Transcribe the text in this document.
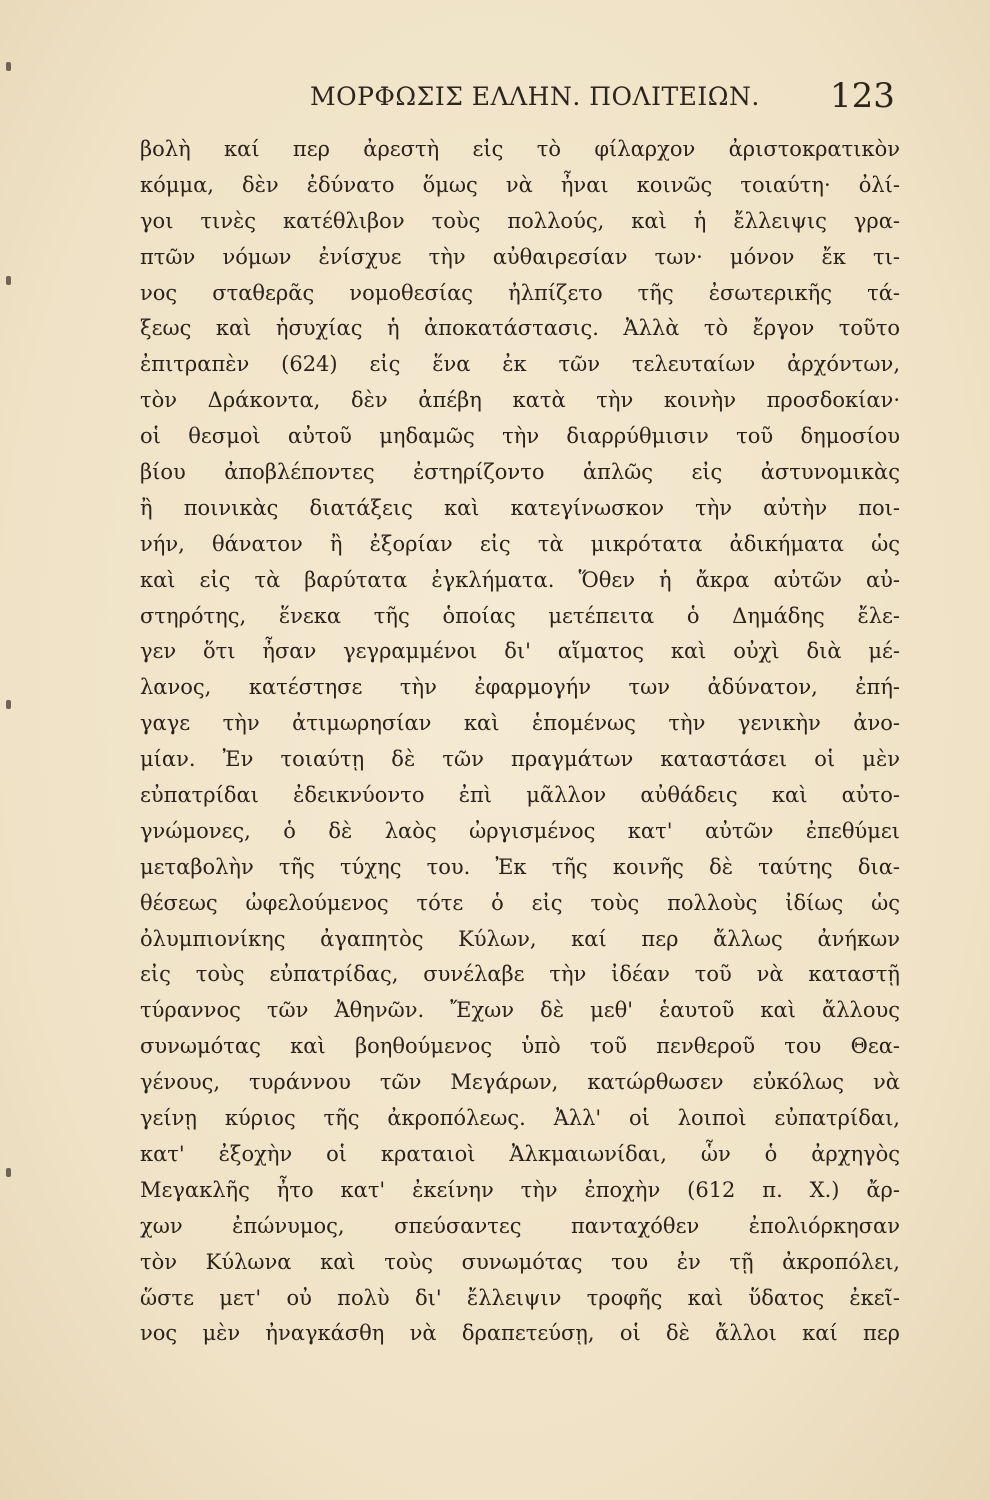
ΜΟΡΦΩΣΙΣ ΕΛΛΗΝ. ΠΟΛΙΤΕΙΩΝ. 123
βολὴ καί περ ἀρεστὴ εἰς τὸ φίλαρχον ἀριστοκρατικὸν
κόμμα, δὲν ἐδύνατο ὅμως νὰ ἦναι κοινῶς τοιαύτη· ὀλί-
γοι τινὲς κατέθλιβον τοὺς πολλούς, καὶ ἡ ἔλλειψις γρα-
πτῶν νόμων ἐνίσχυε τὴν αὐθαιρεσίαν των· μόνον ἔκ τι-
νος σταθερᾶς νομοθεσίας ἠλπίζετο τῆς ἐσωτερικῆς τά-
ξεως καὶ ἡσυχίας ἡ ἀποκατάστασις. Ἀλλὰ τὸ ἔργον τοῦτο
ἐπιτραπὲν (624) εἰς ἕνα ἐκ τῶν τελευταίων ἀρχόντων,
τὸν Δράκοντα, δὲν ἀπέβη κατὰ τὴν κοινὴν προσδοκίαν·
οἱ θεσμοὶ αὐτοῦ μηδαμῶς τὴν διαρρύθμισιν τοῦ δημοσίου
βίου ἀποβλέποντες ἐστηρίζοντο ἁπλῶς εἰς ἀστυνομικὰς
ἢ ποινικὰς διατάξεις καὶ κατεγίνωσκον τὴν αὐτὴν ποι-
νήν, θάνατον ἢ ἐξορίαν εἰς τὰ μικρότατα ἀδικήματα ὡς
καὶ εἰς τὰ βαρύτατα ἐγκλήματα. Ὅθεν ἡ ἄκρα αὐτῶν αὐ-
στηρότης, ἕνεκα τῆς ὁποίας μετέπειτα ὁ Δημάδης ἔλε-
γεν ὅτι ἦσαν γεγραμμένοι δι' αἵματος καὶ οὐχὶ διὰ μέ-
λανος, κατέστησε τὴν ἐφαρμογήν των ἀδύνατον, ἐπή-
γαγε τὴν ἀτιμωρησίαν καὶ ἑπομένως τὴν γενικὴν ἀνο-
μίαν. Ἐν τοιαύτῃ δὲ τῶν πραγμάτων καταστάσει οἱ μὲν
εὐπατρίδαι ἐδεικνύοντο ἐπὶ μᾶλλον αὐθάδεις καὶ αὐτο-
γνώμονες, ὁ δὲ λαὸς ὠργισμένος κατ' αὐτῶν ἐπεθύμει
μεταβολὴν τῆς τύχης του. Ἐκ τῆς κοινῆς δὲ ταύτης δια-
θέσεως ὠφελούμενος τότε ὁ εἰς τοὺς πολλοὺς ἰδίως ὡς
ὀλυμπιονίκης ἀγαπητὸς Κύλων, καί περ ἄλλως ἀνήκων
εἰς τοὺς εὐπατρίδας, συνέλαβε τὴν ἰδέαν τοῦ νὰ καταστῇ
τύραννος τῶν Ἀθηνῶν. Ἔχων δὲ μεθ' ἑαυτοῦ καὶ ἄλλους
συνωμότας καὶ βοηθούμενος ὑπὸ τοῦ πενθεροῦ του Θεα-
γένους, τυράννου τῶν Μεγάρων, κατώρθωσεν εὐκόλως νὰ
γείνῃ κύριος τῆς ἀκροπόλεως. Ἀλλ' οἱ λοιποὶ εὐπατρίδαι,
κατ' ἐξοχὴν οἱ κραταιοὶ Ἀλκμαιωνίδαι, ὧν ὁ ἀρχηγὸς
Μεγακλῆς ἦτο κατ' ἐκείνην τὴν ἐποχὴν (612 π. Χ.) ἄρ-
χων ἐπώνυμος, σπεύσαντες πανταχόθεν ἐπολιόρκησαν
τὸν Κύλωνα καὶ τοὺς συνωμότας του ἐν τῇ ἀκροπόλει,
ὥστε μετ' οὐ πολὺ δι' ἔλλειψιν τροφῆς καὶ ὕδατος ἐκεῖ-
νος μὲν ἠναγκάσθη νὰ δραπετεύσῃ, οἱ δὲ ἄλλοι καί περ
